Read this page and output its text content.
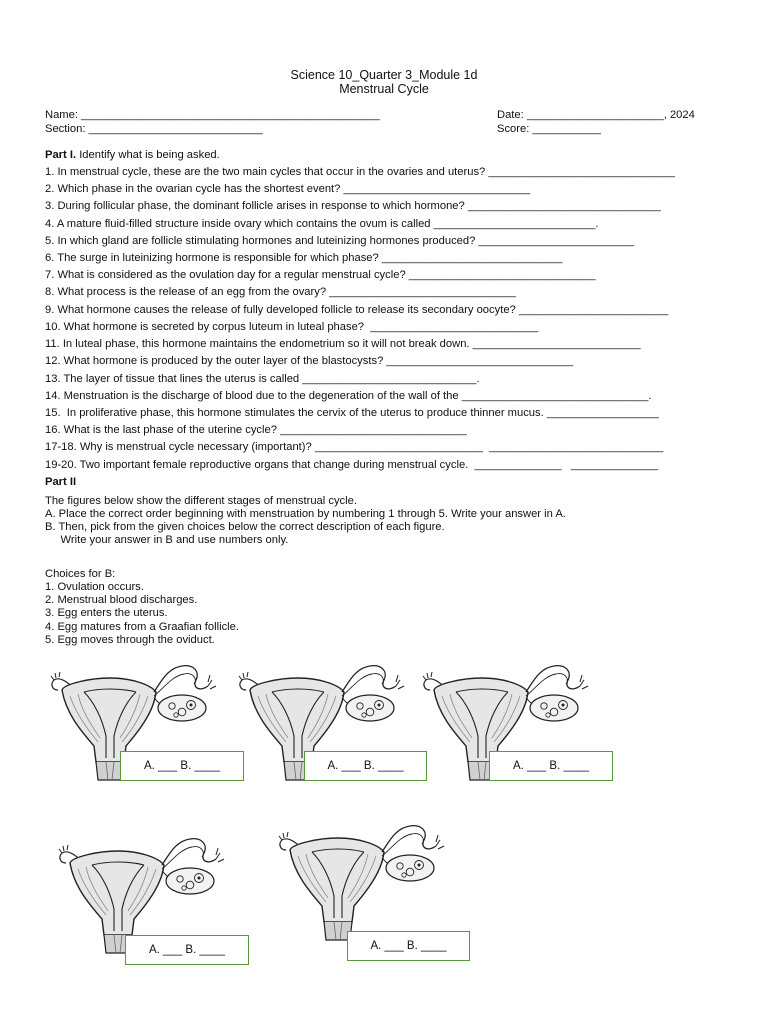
Science 10_Quarter 3_Module 1d
Menstrual Cycle
Name: ________________________________________________	Date: ______________________, 2024
Section: ____________________________	Score: ___________
Part I. Identify what is being asked.
1. In menstrual cycle, these are the two main cycles that occur in the ovaries and uterus? ______________________________
2. Which phase in the ovarian cycle has the shortest event? ______________________________
3. During follicular phase, the dominant follicle arises in response to which hormone? _______________________________
4. A mature fluid-filled structure inside ovary which contains the ovum is called __________________________.
5. In which gland are follicle stimulating hormones and luteinizing hormones produced? _________________________
6. The surge in luteinizing hormone is responsible for which phase? _____________________________
7. What is considered as the ovulation day for a regular menstrual cycle? ______________________________
8. What process is the release of an egg from the ovary? ______________________________
9. What hormone causes the release of fully developed follicle to release its secondary oocyte? ________________________
10. What hormone is secreted by corpus luteum in luteal phase?  ___________________________
11. In luteal phase, this hormone maintains the endometrium so it will not break down. ___________________________
12. What hormone is produced by the outer layer of the blastocysts? ______________________________
13. The layer of tissue that lines the uterus is called ____________________________.
14. Menstruation is the discharge of blood due to the degeneration of the wall of the ______________________________.
15.  In proliferative phase, this hormone stimulates the cervix of the uterus to produce thinner mucus. __________________
16. What is the last phase of the uterine cycle? ______________________________
17-18. Why is menstrual cycle necessary (important)? ___________________________  ____________________________
19-20. Two important female reproductive organs that change during menstrual cycle.  ______________   ______________
Part II
The figures below show the different stages of menstrual cycle.
A. Place the correct order beginning with menstruation by numbering 1 through 5. Write your answer in A.
B. Then, pick from the given choices below the correct description of each figure.
Write your answer in B and use numbers only.
Choices for B:
1. Ovulation occurs.
2. Menstrual blood discharges.
3. Egg enters the uterus.
4. Egg matures from a Graafian follicle.
5. Egg moves through the oviduct.
A. ___ B. ____	A. ___ B. ____	A. ___ B. ____
A. ___ B. ____	A. ___ B. ____
